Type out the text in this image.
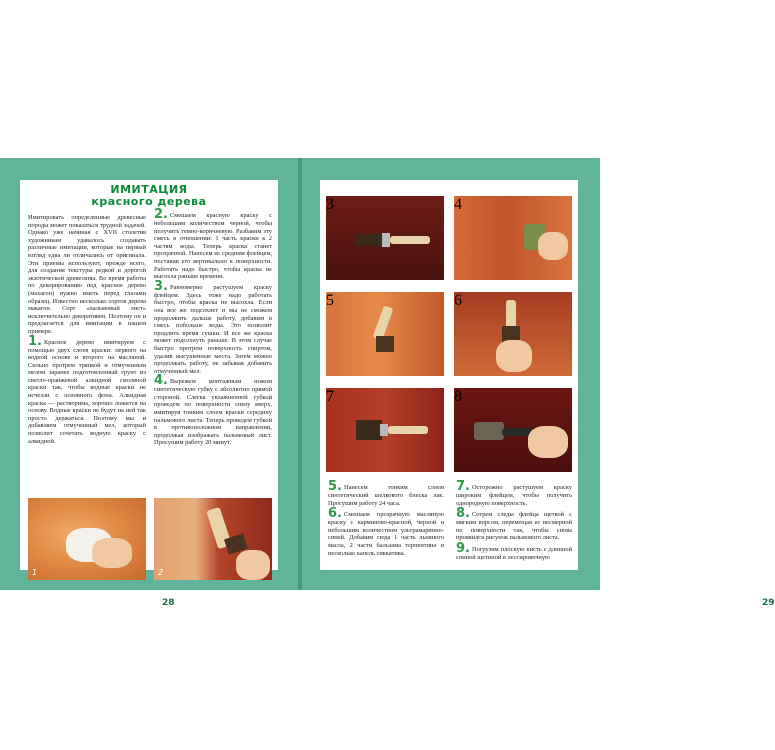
ИМИТАЦИЯ
красного дерева

Имитировать определенные древесные породы может показаться трудной задачей. Однако уже начиная с XVII столетия художникам удавалось создавать различные имитации, которые на первый взгляд едва ли отличались от оригинала. Эти приемы используют, прежде всего, для создания текстуры редкой и дорогой экзотической древесины. Во время работы по декорированию под красное дерево (махагон) нужно иметь перед глазами образец. Известно несколько сортов дерева макагон. Сорт «пальмовый лист» исключительно декоративен. Поэтому он и предлагается для имитации в нашем примере.

1. Красное дерево имитируем с помощью двух слоев краски: первого на водной основе и второго на масляной. Сильно протрем тряпкой и отмученным мелом заранее подготовленный грунт из светло-оранжевой алкидной смоляной краски так, чтобы водные краски не исчезли с основного фона. Алкидная краска — растворима, хорошо ложится на основу. Водные краски не будут на ней так просто держаться. Поэтому мы и добавляем отмученный мел, который позволит сочетать водную краску с алкидной.

2. Смешаем красную краску с небольшим количеством черной, чтобы получить темно-коричневую. Разбавим эту смесь в отношении: 1 часть краски к 2 частям воды. Теперь краска станет прозрачной. Нанесем ее средним флейцем, поставив его вертикально к поверхности. Работать надо быстро, чтобы краска не высохла раньше времени.

3. Равномерно растушуем краску флейцем. Здесь тоже надо работать быстро, чтобы краска не высохла. Если она все же подсохнет и мы не сможем продолжить дальше работу, добавим в смесь побольше воды. Это позволит продлить время сушки. И все же краска может подсохнуть раньше. В этом случае быстро протрем поверхность спиртом, удалив высушенные места. Затем можно продолжать работу, не забывая добавить отмученный мел.

4. Вырежем монтажным ножом синтетическую губку с абсолютно прямой стороной. Слегка увлажненной губкой проведем по поверхности снизу вверх, имитируя тонким слоем краски середину пальмового листа. Теперь проведем губкой в противоположном направлении, продолжая изображать пальмовый лист. Просушим работу 20 минут.

1	2
28
3	4
5	6
7	8

5. Нанесем тонким слоем синтетический шелкового блеска лак. Просушим работу 24 часа.

6. Смешаем прозрачную масляную краску с карминово-красной, черной и небольшим количеством ультрамаринно-синей. Добавим сюда 1 часть льняного масла, 2 части бальзама терпентина и несколько капель сиккатива.

7. Осторожно растушуем краску широким флейцем, чтобы получить однородную поверхность.

8. Сотрем следы флейца щеткой с мягким ворсом, перемещая ее несмерной по поверхности так, чтобы снова проявился рисунок пальмового листа.

9. Погрузим плоскую кисть с длинной спиной щетиной в лессировочную

29
